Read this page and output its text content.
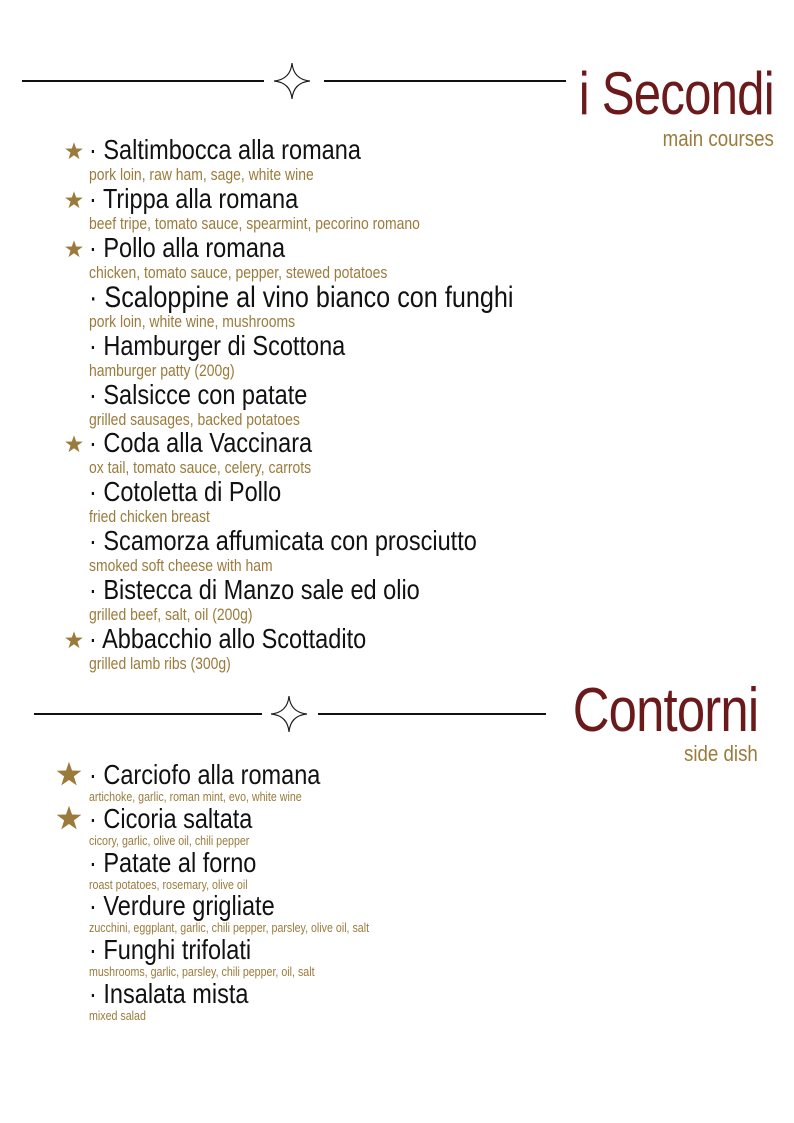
i Secondi
main courses
· Saltimbocca alla romana
pork loin, raw ham, sage, white wine
· Trippa alla romana
beef tripe, tomato sauce, spearmint, pecorino romano
· Pollo alla romana
chicken, tomato sauce, pepper, stewed potatoes
· Scaloppine al vino bianco con funghi
pork loin, white wine, mushrooms
· Hamburger di Scottona
hamburger patty (200g)
· Salsicce con patate
grilled sausages, backed potatoes
· Coda alla Vaccinara
ox tail, tomato sauce, celery, carrots
· Cotoletta di Pollo
fried chicken breast
· Scamorza affumicata con prosciutto
smoked soft cheese with ham
· Bistecca di Manzo sale ed olio
grilled beef, salt, oil (200g)
· Abbacchio allo Scottadito
grilled lamb ribs (300g)
Contorni
side dish
· Carciofo alla romana
artichoke, garlic, roman mint, evo, white wine
· Cicoria saltata
cicory, garlic, olive oil, chili pepper
· Patate al forno
roast potatoes, rosemary, olive oil
· Verdure grigliate
zucchini, eggplant, garlic, chili pepper, parsley, olive oil, salt
· Funghi trifolati
mushrooms, garlic, parsley, chili pepper, oil, salt
· Insalata mista
mixed salad
